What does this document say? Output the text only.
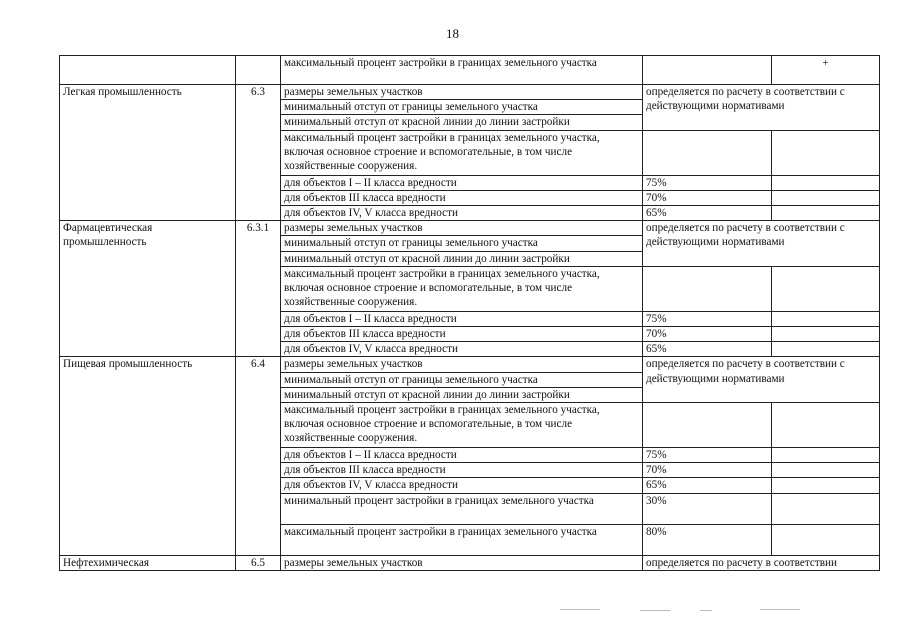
18
		максимальный процент застройки в границах земельного участка		+
Легкая промышленность	6.3	размеры земельных участков	определяется по расчету в соответствии с действующими нормативами	
		минимальный отступ от границы земельного участка		
		минимальный отступ от красной линии до линии застройки		
		максимальный процент застройки в границах земельного участка, включая основное строение и вспомогательные, в том числе хозяйственные сооружения.		
		для объектов I – II класса вредности	75%	
		для объектов III класса вредности	70%	
		для объектов IV, V класса вредности	65%	
Фармацевтическая промышленность	6.3.1	размеры земельных участков	определяется по расчету в соответствии с действующими нормативами	
		минимальный отступ от границы земельного участка		
		минимальный отступ от красной линии до линии застройки		
		максимальный процент застройки в границах земельного участка, включая основное строение и вспомогательные, в том числе хозяйственные сооружения.		
		для объектов I – II класса вредности	75%	
		для объектов III класса вредности	70%	
		для объектов IV, V класса вредности	65%	
Пищевая промышленность	6.4	размеры земельных участков	определяется по расчету в соответствии с действующими нормативами	
		минимальный отступ от границы земельного участка		
		минимальный отступ от красной линии до линии застройки		
		максимальный процент застройки в границах земельного участка, включая основное строение и вспомогательные, в том числе хозяйственные сооружения.		
		для объектов I – II класса вредности	75%	
		для объектов III класса вредности	70%	
		для объектов IV, V класса вредности	65%	
		минимальный процент застройки в границах земельного участка	30%	
		максимальный процент застройки в границах земельного участка	80%	
Нефтехимическая	6.5	размеры земельных участков	определяется по расчету в соответствии	
